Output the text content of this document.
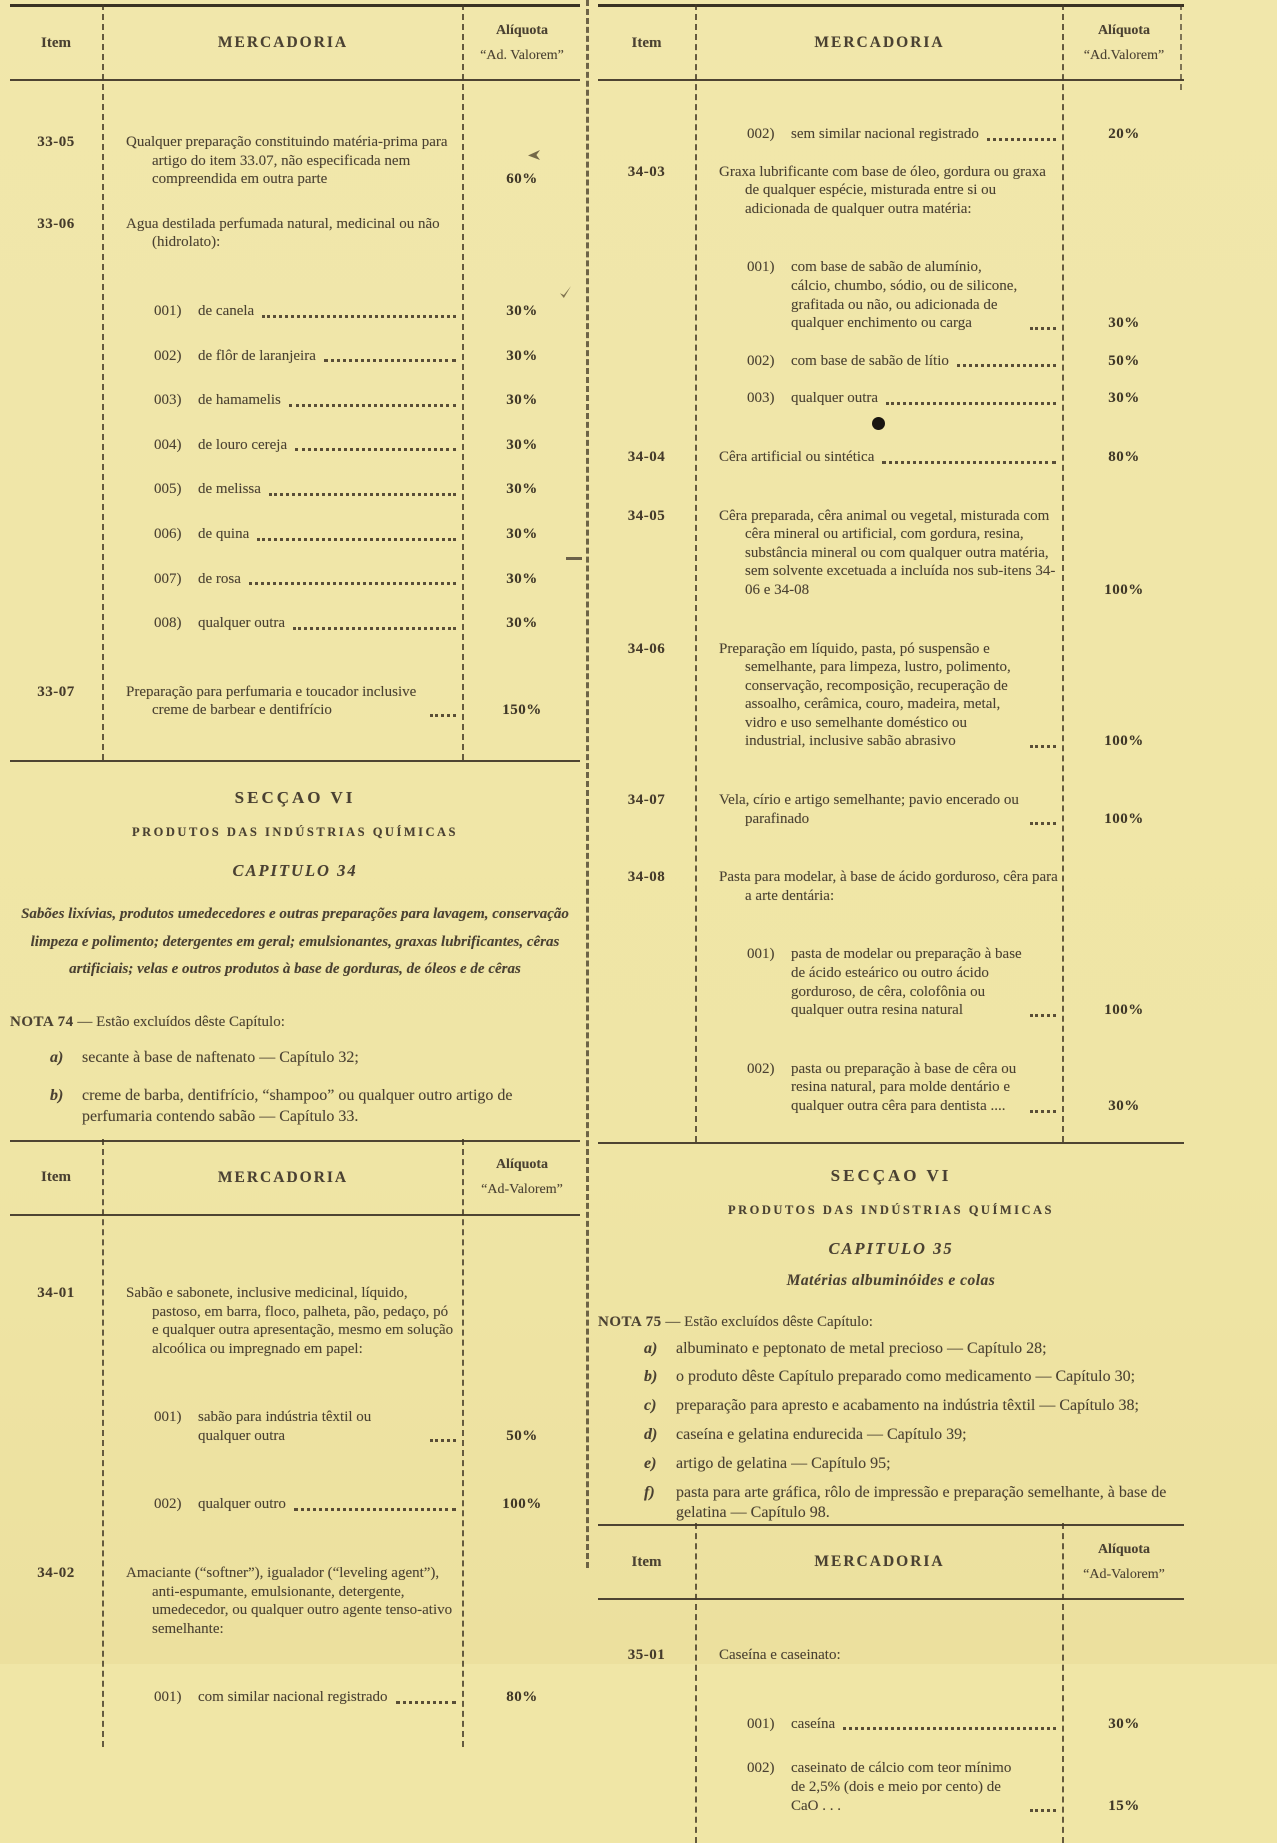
Item	MERCADORIA
Alíquota
“Ad. Valorem”
33-05	Qualquer preparação constituindo matéria-prima para artigo do item 33.07, não especificada nem compreendida em outra parte	60%
33-06	Agua destilada perfumada natural, medicinal ou não (hidrolato):
001)	de canela	30%
002)	de flôr de laranjeira	30%
003)	de hamamelis	30%
004)	de louro cereja	30%
005)	de melissa	30%
006)	de quina	30%
007)	de rosa	30%
008)	qualquer outra	30%
33-07	Preparação para perfumaria e toucador inclusive creme de barbear e dentifrício	150%
SECÇAO VI
PRODUTOS DAS INDÚSTRIAS QUÍMICAS
CAPITULO 34
Sabões lixívias, produtos umedecedores e outras preparações para lavagem, conservação limpeza e polimento; detergentes em geral; emulsionantes, graxas lubrificantes, cêras artificiais; velas e outros produtos à base de gorduras, de óleos e de cêras
NOTA 74 — Estão excluídos dêste Capítulo:
a)	secante à base de naftenato — Capítulo 32;
b)	creme de barba, dentifrício, “shampoo” ou qualquer outro artigo de perfumaria contendo sabão — Capítulo 33.
Item	MERCADORIA
Alíquota
“Ad-Valorem”
34-01	Sabão e sabonete, inclusive medicinal, líquido, pastoso, em barra, floco, palheta, pão, pedaço, pó e qualquer outra apresentação, mesmo em solução alcoólica ou impregnado em papel:
001)	sabão para indústria têxtil ou qualquer outra	50%
002)	qualquer outro	100%
34-02	Amaciante (“softner”), igualador (“leveling agent”), anti-espumante, emulsionante, detergente, umedecedor, ou qualquer outro agente tenso-ativo semelhante:
001)	com similar nacional registrado	80%
Item	MERCADORIA
Alíquota
“Ad.Valorem”
002)	sem similar nacional registrado	20%
34-03	Graxa lubrificante com base de óleo, gordura ou graxa de qualquer espécie, misturada entre si ou adicionada de qualquer outra matéria:
001)	com base de sabão de alumínio, cálcio, chumbo, sódio, ou de silicone, grafitada ou não, ou adicionada de qualquer enchimento ou carga	30%
002)	com base de sabão de lítio	50%
003)	qualquer outra	30%
34-04	Cêra artificial ou sintética	80%
34-05	Cêra preparada, cêra animal ou vegetal, misturada com cêra mineral ou artificial, com gordura, resina, substância mineral ou com qualquer outra matéria, sem solvente excetuada a incluída nos sub-itens 34-06 e 34-08	100%
34-06	Preparação em líquido, pasta, pó suspensão e semelhante, para limpeza, lustro, polimento, conservação, recomposição, recuperação de assoalho, cerâmica, couro, madeira, metal, vidro e uso semelhante doméstico ou industrial, inclusive sabão abrasivo	100%
34-07	Vela, círio e artigo semelhante; pavio encerado ou parafinado	100%
34-08	Pasta para modelar, à base de ácido gorduroso, cêra para a arte dentária:
001)	pasta de modelar ou preparação à base de ácido esteárico ou outro ácido gorduroso, de cêra, colofônia ou qualquer outra resina natural	100%
002)	pasta ou preparação à base de cêra ou resina natural, para molde dentário e qualquer outra cêra para dentista ....	30%
SECÇAO VI
PRODUTOS DAS INDÚSTRIAS QUÍMICAS
CAPITULO 35
Matérias albuminóides e colas
NOTA 75 — Estão excluídos dêste Capítulo:
a)	albuminato e peptonato de metal precioso — Capítulo 28;
b)	o produto dêste Capítulo preparado como medicamento — Capítulo 30;
c)	preparação para apresto e acabamento na indústria têxtil — Capítulo 38;
d)	caseína e gelatina endurecida — Capítulo 39;
e)	artigo de gelatina — Capítulo 95;
f)	pasta para arte gráfica, rôlo de impressão e preparação semelhante, à base de gelatina — Capítulo 98.
Item	MERCADORIA
Alíquota
“Ad-Valorem”
35-01	Caseína e caseinato:
001)	caseína	30%
002)	caseinato de cálcio com teor mínimo de 2,5% (dois e meio por cento) de CaO . . .	15%
